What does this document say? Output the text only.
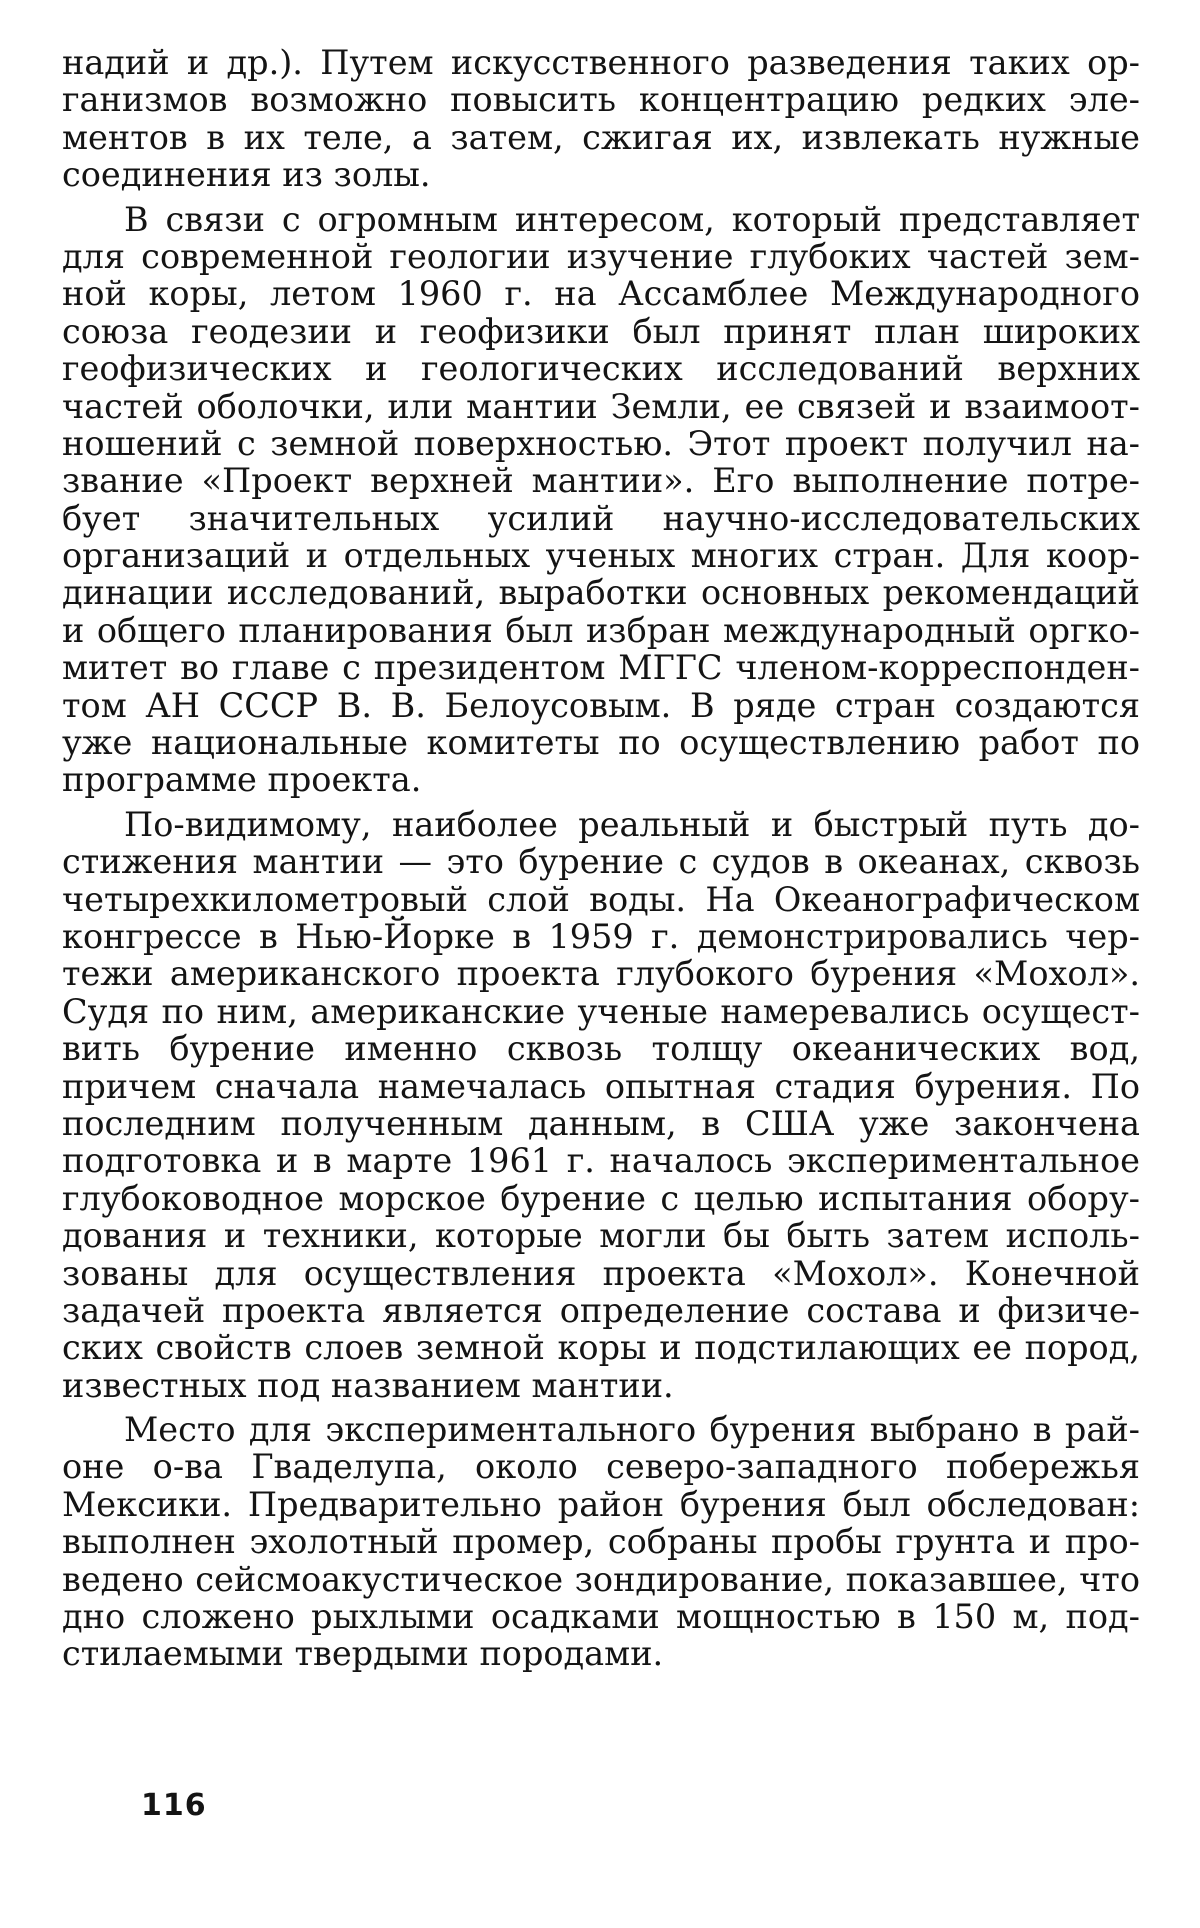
надий и др.). Путем искусственного разведения таких ор-
ганизмов возможно повысить концентрацию редких эле-
ментов в их теле, а затем, сжигая их, извлекать нужные
соединения из золы.
В связи с огромным интересом, который представляет
для современной геологии изучение глубоких частей зем-
ной коры, летом 1960 г. на Ассамблее Международного
союза геодезии и геофизики был принят план широких
геофизических и геологических исследований верхних
частей оболочки, или мантии Земли, ее связей и взаимоот-
ношений с земной поверхностью. Этот проект получил на-
звание «Проект верхней мантии». Его выполнение потре-
бует значительных усилий научно-исследовательских
организаций и отдельных ученых многих стран. Для коор-
динации исследований, выработки основных рекомендаций
и общего планирования был избран международный оргко-
митет во главе с президентом МГГС членом-корреспонден-
том АН СССР В. В. Белоусовым. В ряде стран создаются
уже национальные комитеты по осуществлению работ по
программе проекта.
По-видимому, наиболее реальный и быстрый путь до-
стижения мантии — это бурение с судов в океанах, сквозь
четырехкилометровый слой воды. На Океанографическом
конгрессе в Нью-Йорке в 1959 г. демонстрировались чер-
тежи американского проекта глубокого бурения «Мохол».
Судя по ним, американские ученые намеревались осущест-
вить бурение именно сквозь толщу океанических вод,
причем сначала намечалась опытная стадия бурения. По
последним полученным данным, в США уже закончена
подготовка и в марте 1961 г. началось экспериментальное
глубоководное морское бурение с целью испытания обору-
дования и техники, которые могли бы быть затем исполь-
зованы для осуществления проекта «Мохол». Конечной
задачей проекта является определение состава и физиче-
ских свойств слоев земной коры и подстилающих ее пород,
известных под названием мантии.
Место для экспериментального бурения выбрано в рай-
оне о-ва Гваделупа, около северо-западного побережья
Мексики. Предварительно район бурения был обследован:
выполнен эхолотный промер, собраны пробы грунта и про-
ведено сейсмоакустическое зондирование, показавшее, что
дно сложено рыхлыми осадками мощностью в 150 м, под-
стилаемыми твердыми породами.
116
